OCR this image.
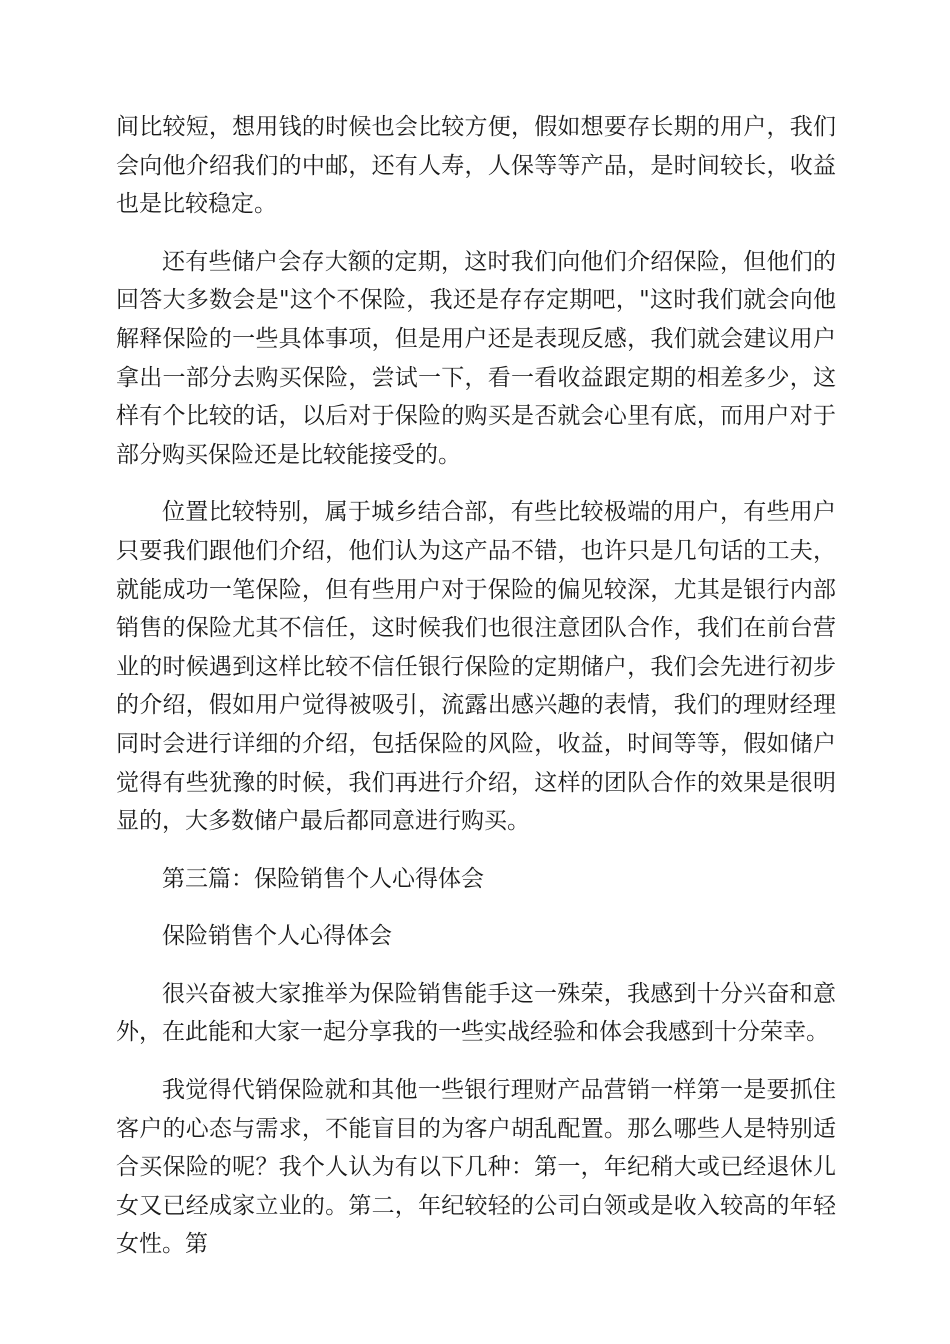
间比较短，想用钱的时候也会比较方便，假如想要存长期的用户，我们会向他介绍我们的中邮，还有人寿，人保等等产品，是时间较长，收益也是比较稳定。

还有些储户会存大额的定期，这时我们向他们介绍保险，但他们的回答大多数会是"这个不保险，我还是存存定期吧，"这时我们就会向他解释保险的一些具体事项，但是用户还是表现反感，我们就会建议用户拿出一部分去购买保险，尝试一下，看一看收益跟定期的相差多少，这样有个比较的话，以后对于保险的购买是否就会心里有底，而用户对于部分购买保险还是比较能接受的。

位置比较特别，属于城乡结合部，有些比较极端的用户，有些用户只要我们跟他们介绍，他们认为这产品不错，也许只是几句话的工夫，就能成功一笔保险，但有些用户对于保险的偏见较深，尤其是银行内部销售的保险尤其不信任，这时候我们也很注意团队合作，我们在前台营业的时候遇到这样比较不信任银行保险的定期储户，我们会先进行初步的介绍，假如用户觉得被吸引，流露出感兴趣的表情，我们的理财经理同时会进行详细的介绍，包括保险的风险，收益，时间等等，假如储户觉得有些犹豫的时候，我们再进行介绍，这样的团队合作的效果是很明显的，大多数储户最后都同意进行购买。

第三篇：保险销售个人心得体会

保险销售个人心得体会

很兴奋被大家推举为保险销售能手这一殊荣，我感到十分兴奋和意外，在此能和大家一起分享我的一些实战经验和体会我感到十分荣幸。

我觉得代销保险就和其他一些银行理财产品营销一样第一是要抓住客户的心态与需求，不能盲目的为客户胡乱配置。那么哪些人是特别适合买保险的呢？我个人认为有以下几种：第一，年纪稍大或已经退休儿女又已经成家立业的。第二，年纪较轻的公司白领或是收入较高的年轻女性。第
